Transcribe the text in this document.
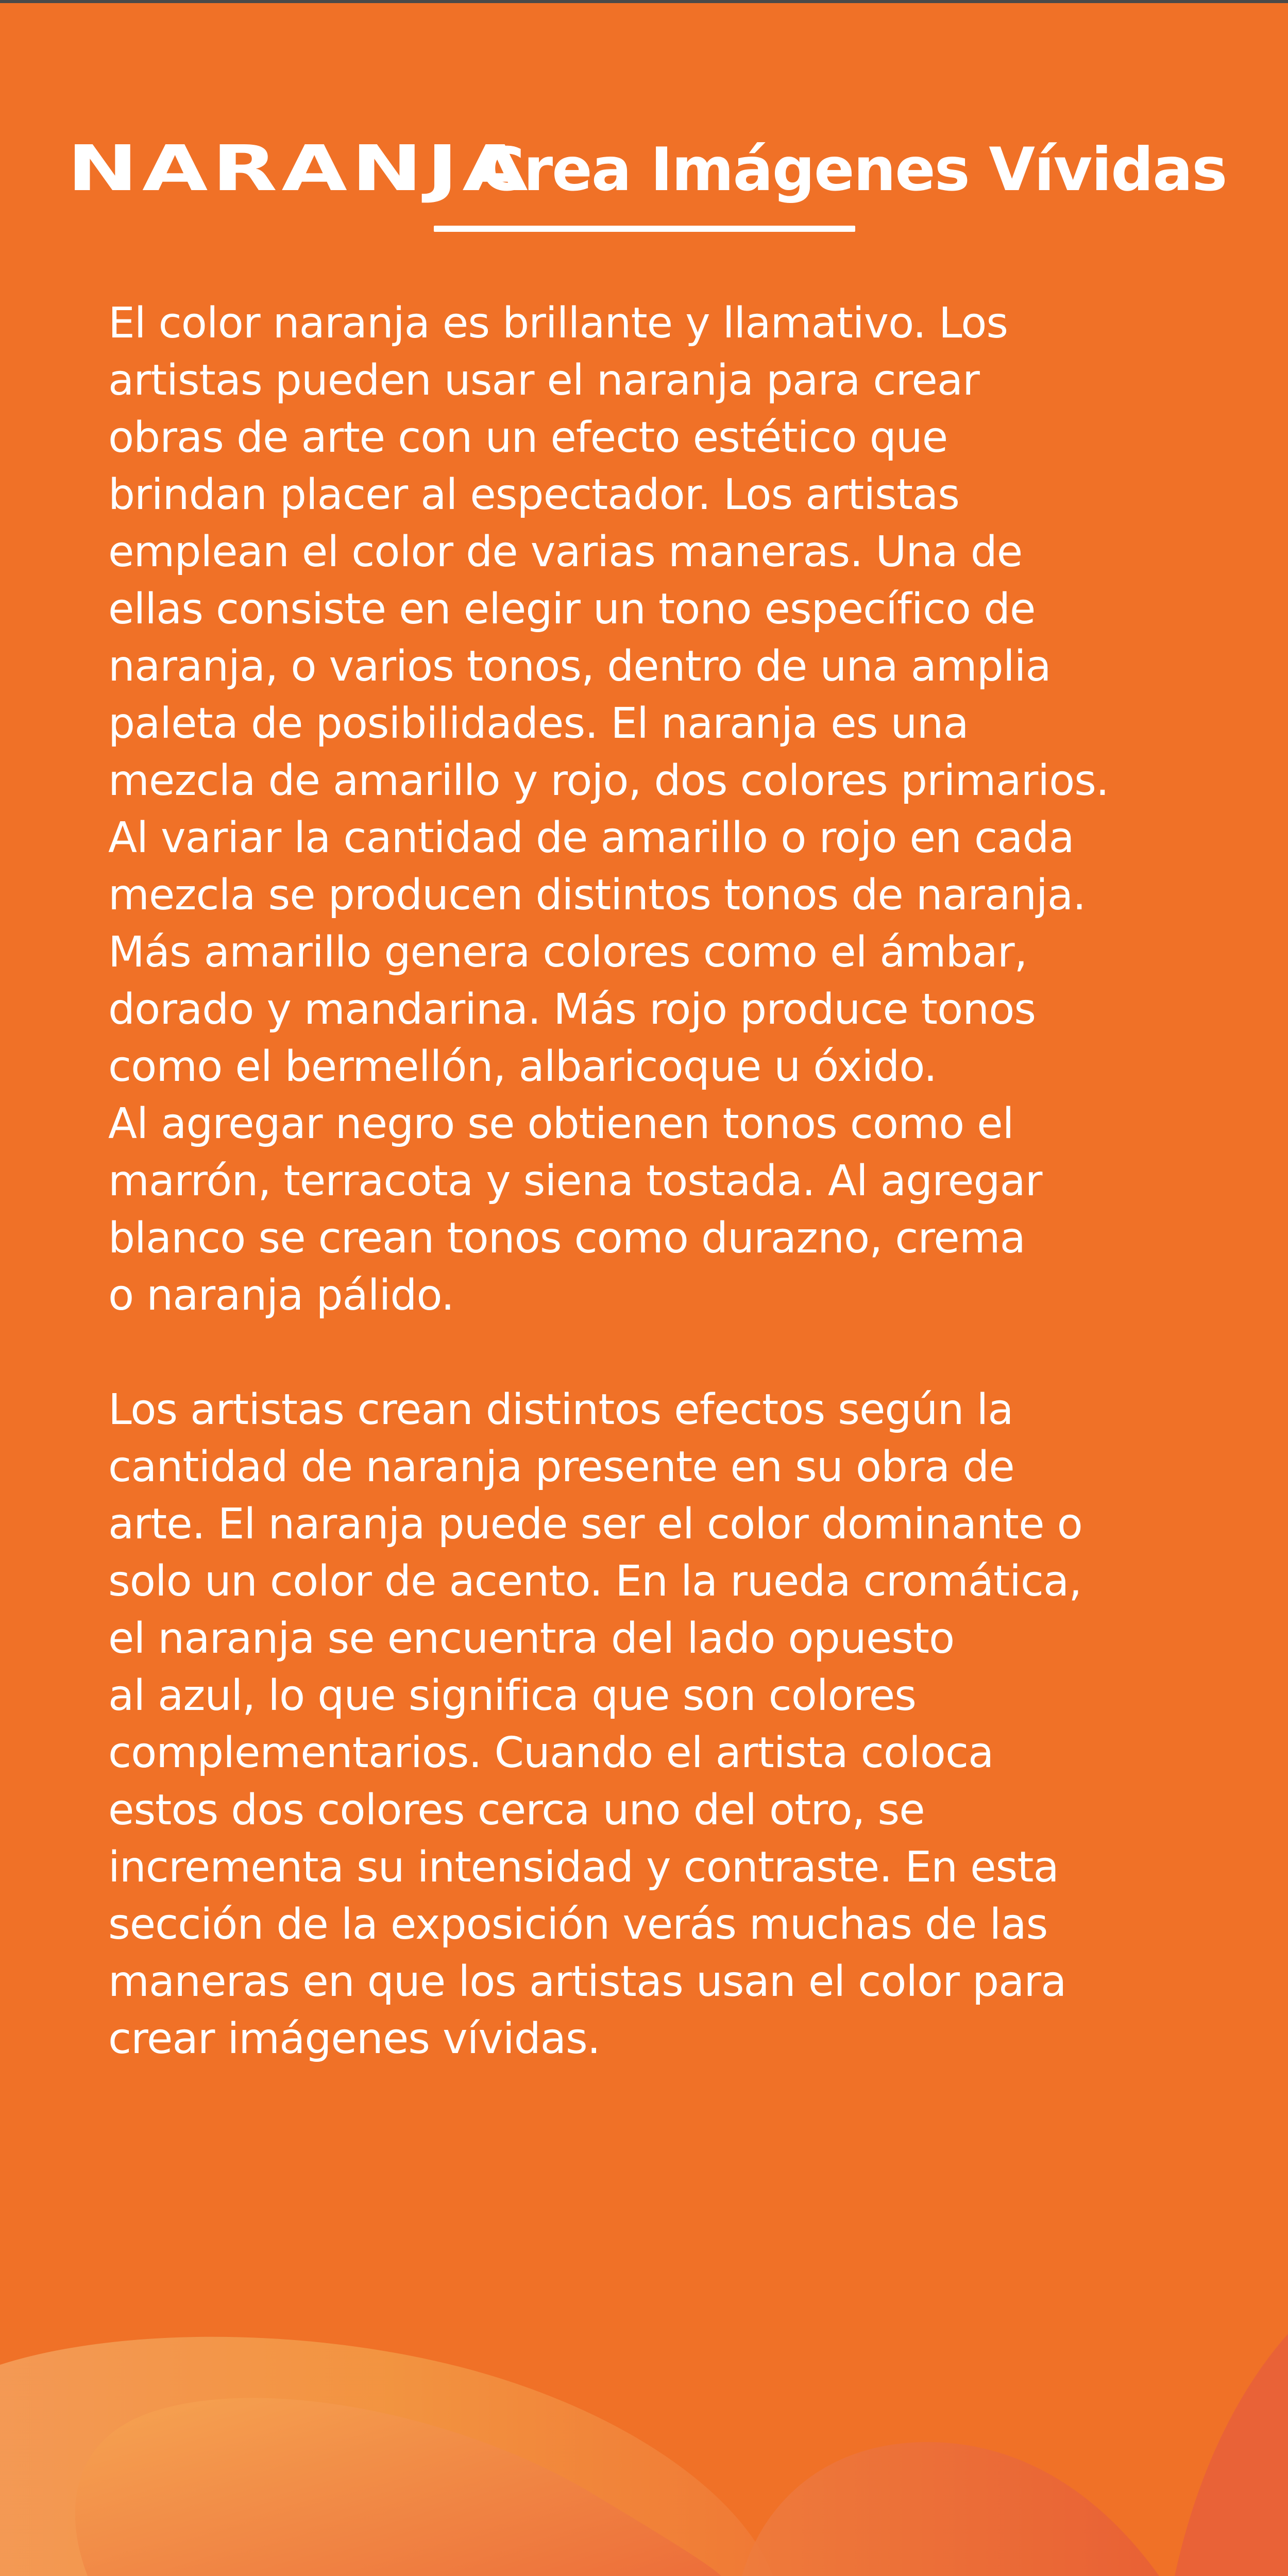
NARANJA Crea Imágenes Vívidas
El color naranja es brillante y llamativo. Los
artistas pueden usar el naranja para crear
obras de arte con un efecto estético que
brindan placer al espectador. Los artistas
emplean el color de varias maneras. Una de
ellas consiste en elegir un tono específico de
naranja, o varios tonos, dentro de una amplia
paleta de posibilidades. El naranja es una
mezcla de amarillo y rojo, dos colores primarios.
Al variar la cantidad de amarillo o rojo en cada
mezcla se producen distintos tonos de naranja.
Más amarillo genera colores como el ámbar,
dorado y mandarina. Más rojo produce tonos
como el bermellón, albaricoque u óxido.
Al agregar negro se obtienen tonos como el
marrón, terracota y siena tostada. Al agregar
blanco se crean tonos como durazno, crema
o naranja pálido.
Los artistas crean distintos efectos según la
cantidad de naranja presente en su obra de
arte. El naranja puede ser el color dominante o
solo un color de acento. En la rueda cromática,
el naranja se encuentra del lado opuesto
al azul, lo que significa que son colores
complementarios. Cuando el artista coloca
estos dos colores cerca uno del otro, se
incrementa su intensidad y contraste. En esta
sección de la exposición verás muchas de las
maneras en que los artistas usan el color para
crear imágenes vívidas.
